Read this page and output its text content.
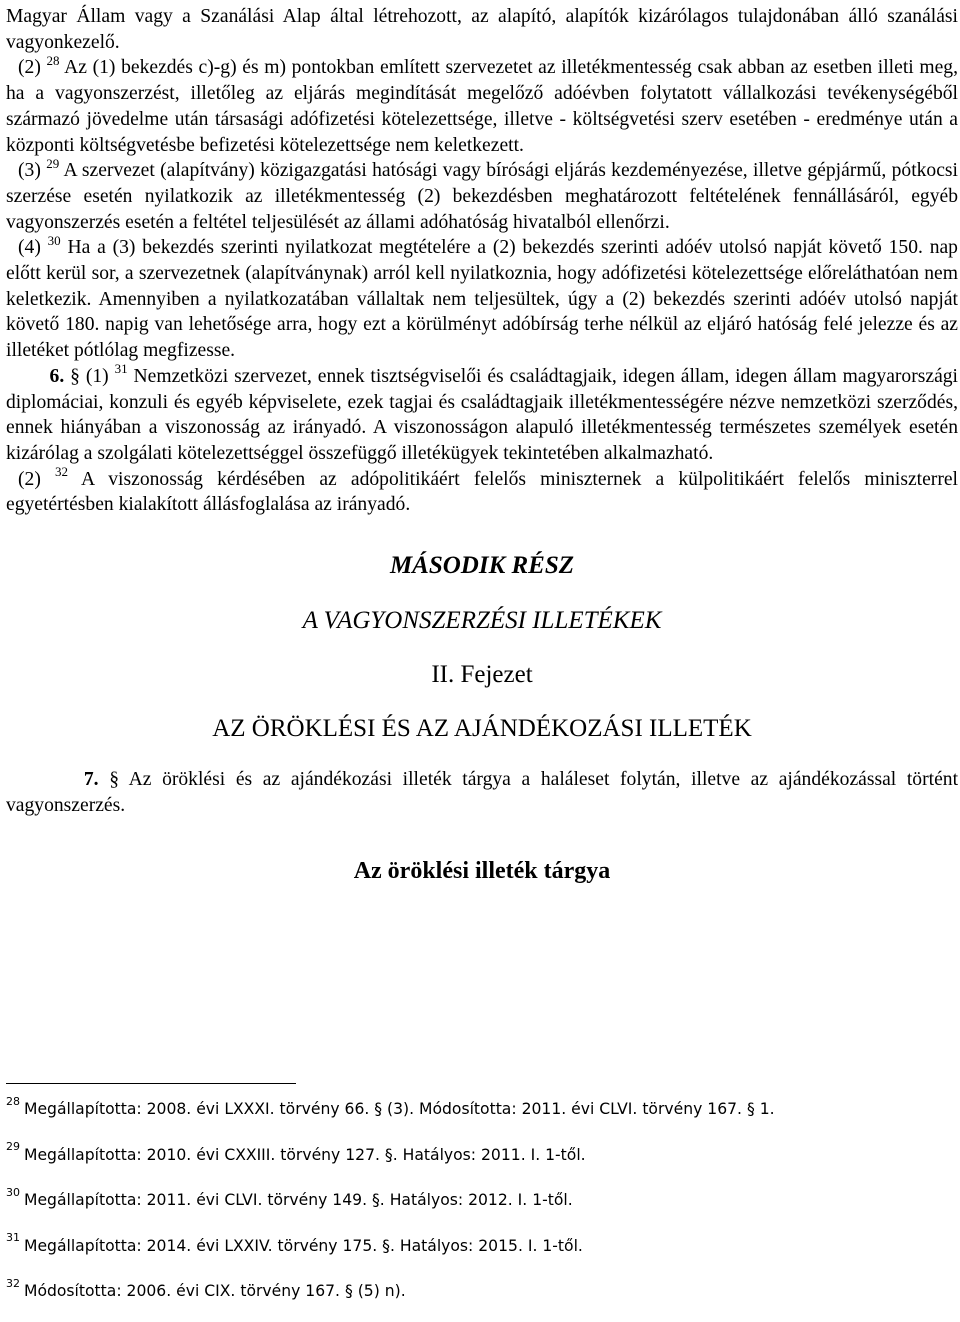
Magyar Állam vagy a Szanálási Alap által létrehozott, az alapító, alapítók kizárólagos tulajdonában álló szanálási vagyonkezelő.

(2) $^{28}$ Az (1) bekezdés c)-g) és m) pontokban említett szervezetet az illetékmentesség csak abban az esetben illeti meg, ha a vagyonszerzést, illetőleg az eljárás megindítását megelőző adóévben folytatott vállalkozási tevékenységéből származó jövedelme után társasági adófizetési kötelezettsége, illetve - költségvetési szerv esetében - eredménye után a központi költségvetésbe befizetési kötelezettsége nem keletkezett.

(3) $^{29}$ A szervezet (alapítvány) közigazgatási hatósági vagy bírósági eljárás kezdeményezése, illetve gépjármű, pótkocsi szerzése esetén nyilatkozik az illetékmentesség (2) bekezdésben meghatározott feltételének fennállásáról, egyéb vagyonszerzés esetén a feltétel teljesülését az állami adóhatóság hivatalból ellenőrzi.

(4) $^{30}$ Ha a (3) bekezdés szerinti nyilatkozat megtételére a (2) bekezdés szerinti adóév utolsó napját követő 150. nap előtt kerül sor, a szervezetnek (alapítványnak) arról kell nyilatkoznia, hogy adófizetési kötelezettsége előreláthatóan nem keletkezik. Amennyiben a nyilatkozatában vállaltak nem teljesültek, úgy a (2) bekezdés szerinti adóév utolsó napját követő 180. napig van lehetősége arra, hogy ezt a körülményt adóbírság terhe nélkül az eljáró hatóság felé jelezze és az illetéket pótlólag megfizesse.

6. § (1) $^{31}$ Nemzetközi szervezet, ennek tisztségviselői és családtagjaik, idegen állam, idegen állam magyarországi diplomáciai, konzuli és egyéb képviselete, ezek tagjai és családtagjaik illetékmentességére nézve nemzetközi szerződés, ennek hiányában a viszonosság az irányadó. A viszonosságon alapuló illetékmentesség természetes személyek esetén kizárólag a szolgálati kötelezettséggel összefüggő illetékügyek tekintetében alkalmazható.

(2) $^{32}$ A viszonosság kérdésében az adópolitikáért felelős miniszternek a külpolitikáért felelős miniszterrel egyetértésben kialakított állásfoglalása az irányadó.

MÁSODIK RÉSZ

A VAGYONSZERZÉSI ILLETÉKEK

II. Fejezet

AZ ÖRÖKLÉSI ÉS AZ AJÁNDÉKOZÁSI ILLETÉK

7. § Az öröklési és az ajándékozási illeték tárgya a haláleset folytán, illetve az ajándékozással történt vagyonszerzés.

Az öröklési illeték tárgya

$^{28}$ Megállapította: 2008. évi LXXXI. törvény 66. § (3). Módosította: 2011. évi CLVI. törvény 167. § 1.
$^{29}$ Megállapította: 2010. évi CXXIII. törvény 127. §. Hatályos: 2011. I. 1-től.
$^{30}$ Megállapította: 2011. évi CLVI. törvény 149. §. Hatályos: 2012. I. 1-től.
$^{31}$ Megállapította: 2014. évi LXXIV. törvény 175. §. Hatályos: 2015. I. 1-től.
$^{32}$ Módosította: 2006. évi CIX. törvény 167. § (5) n).
